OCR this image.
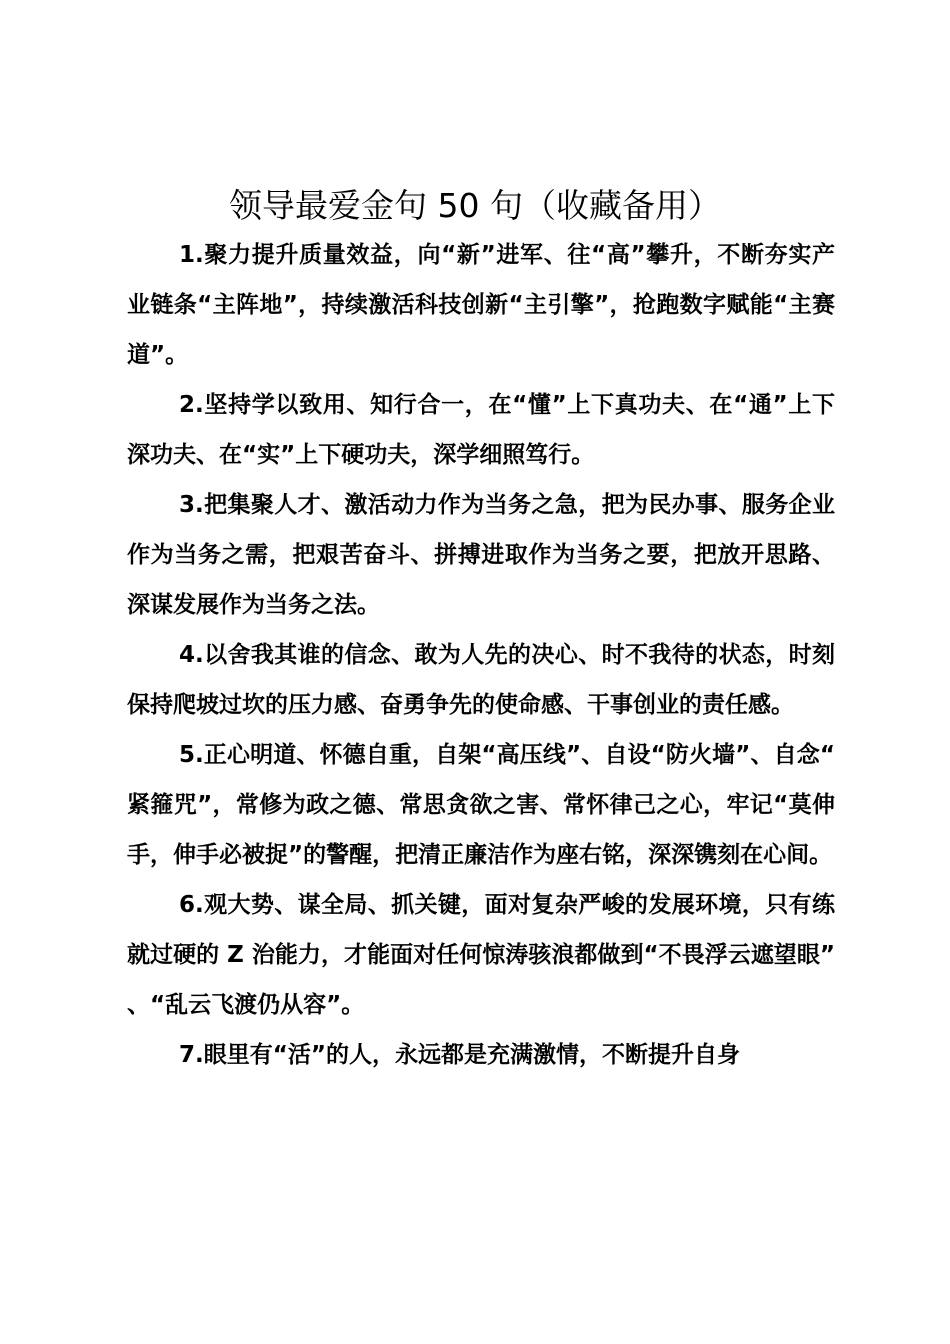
领导最爱金句 50 句（收藏备用）

1.聚力提升质量效益，向“新”进军、往“高”攀升，不断夯实产业链条“主阵地”，持续激活科技创新“主引擎”，抢跑数字赋能“主赛道”。

2.坚持学以致用、知行合一，在“懂”上下真功夫、在“通”上下深功夫、在“实”上下硬功夫，深学细照笃行。

3.把集聚人才、激活动力作为当务之急，把为民办事、服务企业作为当务之需，把艰苦奋斗、拼搏进取作为当务之要，把放开思路、深谋发展作为当务之法。

4.以舍我其谁的信念、敢为人先的决心、时不我待的状态，时刻保持爬坡过坎的压力感、奋勇争先的使命感、干事创业的责任感。

5.正心明道、怀德自重，自架“高压线”、自设“防火墙”、自念“紧箍咒”，常修为政之德、常思贪欲之害、常怀律己之心，牢记“莫伸手，伸手必被捉”的警醒，把清正廉洁作为座右铭，深深镌刻在心间。

6.观大势、谋全局、抓关键，面对复杂严峻的发展环境，只有练就过硬的 Z 治能力，才能面对任何惊涛骇浪都做到“不畏浮云遮望眼”、“乱云飞渡仍从容”。

7.眼里有“活”的人，永远都是充满激情，不断提升自身
